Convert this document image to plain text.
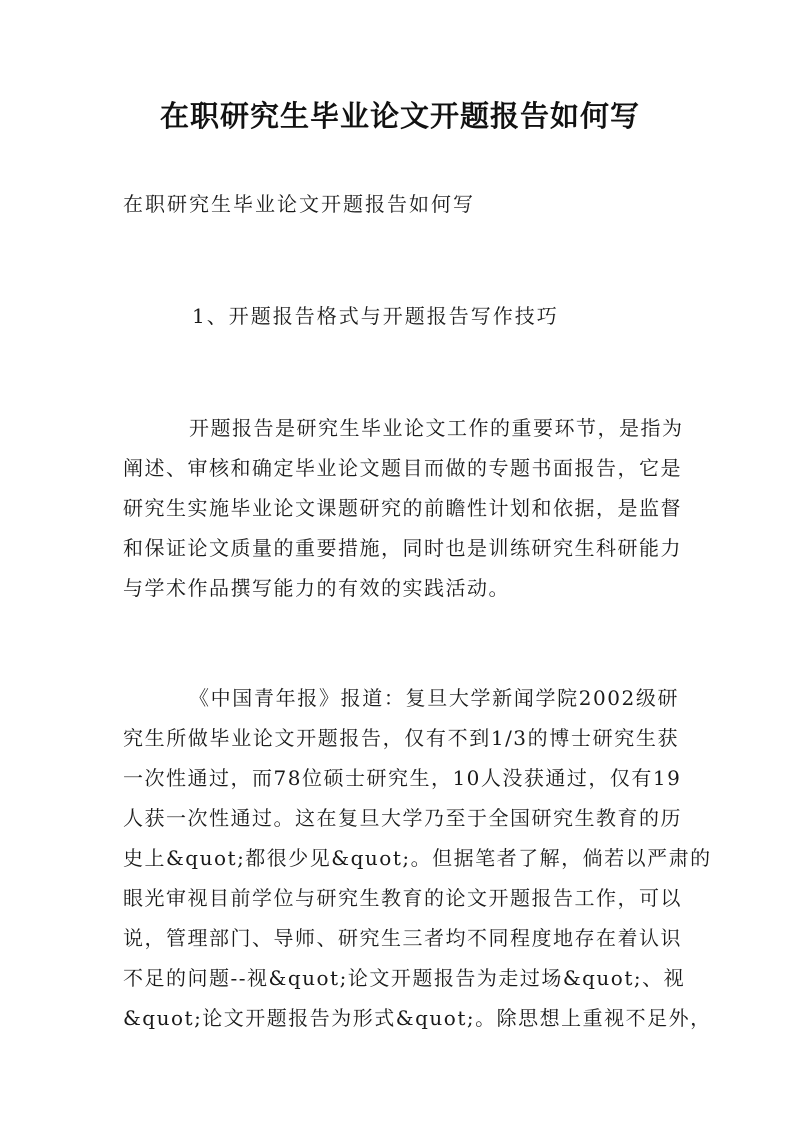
在职研究生毕业论文开题报告如何写
在职研究生毕业论文开题报告如何写
1、开题报告格式与开题报告写作技巧
开题报告是研究生毕业论文工作的重要环节，是指为
阐述、审核和确定毕业论文题目而做的专题书面报告，它是
研究生实施毕业论文课题研究的前瞻性计划和依据，是监督
和保证论文质量的重要措施，同时也是训练研究生科研能力
与学术作品撰写能力的有效的实践活动。
《中国青年报》报道：复旦大学新闻学院2002级研
究生所做毕业论文开题报告，仅有不到1/3的博士研究生获
一次性通过，而78位硕士研究生，10人没获通过，仅有19
人获一次性通过。这在复旦大学乃至于全国研究生教育的历
史上&quot;都很少见&quot;。但据笔者了解，倘若以严肃的
眼光审视目前学位与研究生教育的论文开题报告工作，可以
说，管理部门、导师、研究生三者均不同程度地存在着认识
不足的问题--视&quot;论文开题报告为走过场&quot;、视
&quot;论文开题报告为形式&quot;。除思想上重视不足外，
